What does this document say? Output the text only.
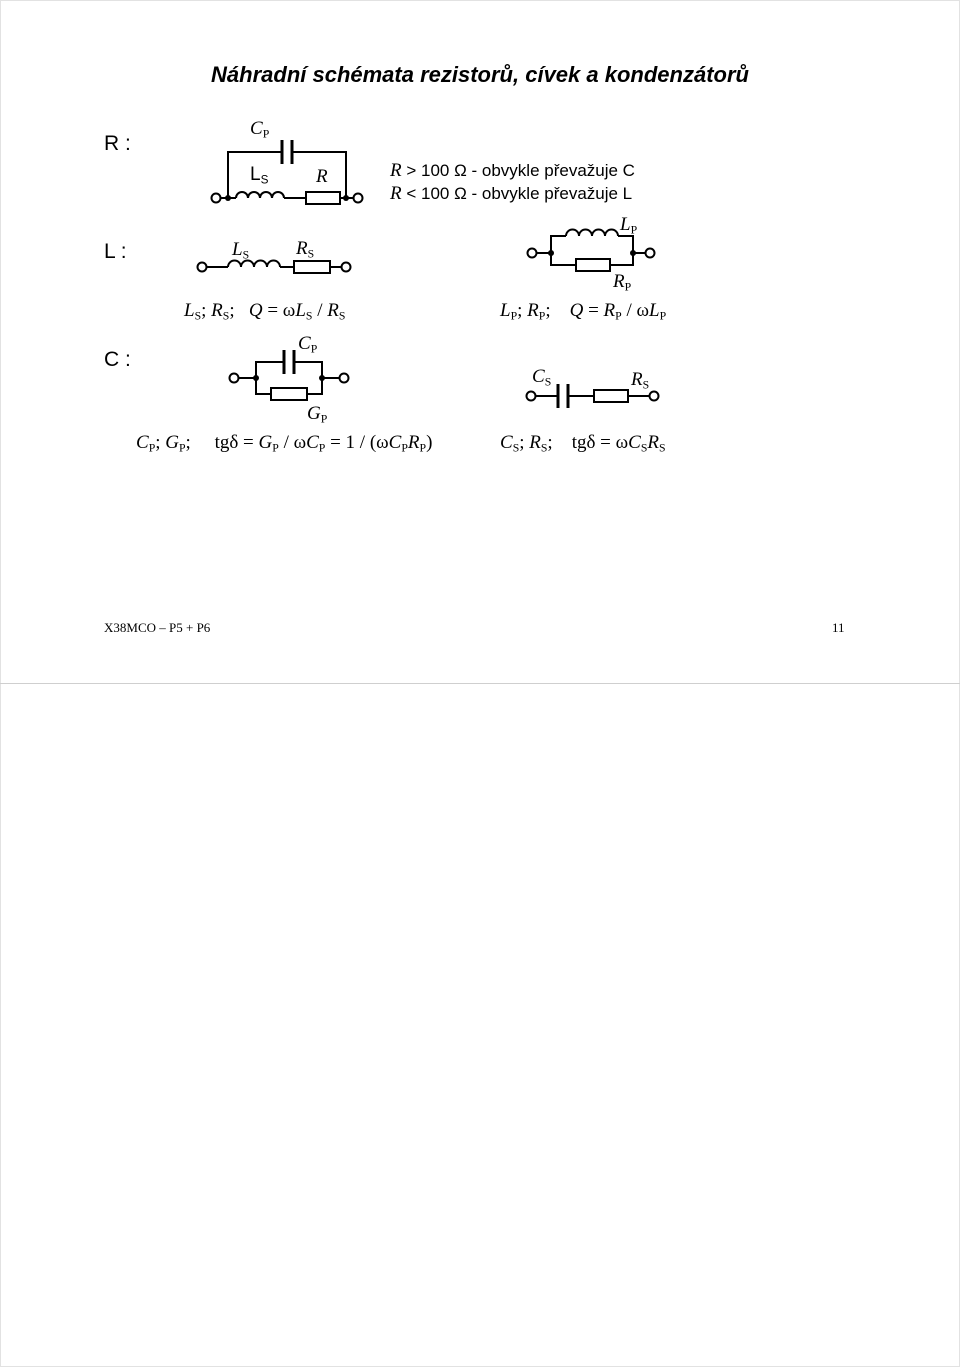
Náhradní schémata rezistorů, cívek a kondenzátorů
R :
L :
C :
$C_P$
$L_S$	R	R > 100 Ω - obvykle převažuje C
R < 100 Ω - obvykle převažuje L
$L_S$ $R_S$
$L_P$
$R_P$
$C_P$
$G_P$
$C_S$	$R_S$
$L_S$; $R_S$;   $Q = \omega L_S / R_S$	$L_P$; $R_P$;    $Q = R_P / \omega L_P$
$C_P$; $G_P$;     $tg\delta = G_P / \omega C_P = 1 / (\omega C_PR_P)$	$C_S$; $R_S$;    $tg\delta = \omega C_SR_S$
X38MCO – P5 + P6	11
